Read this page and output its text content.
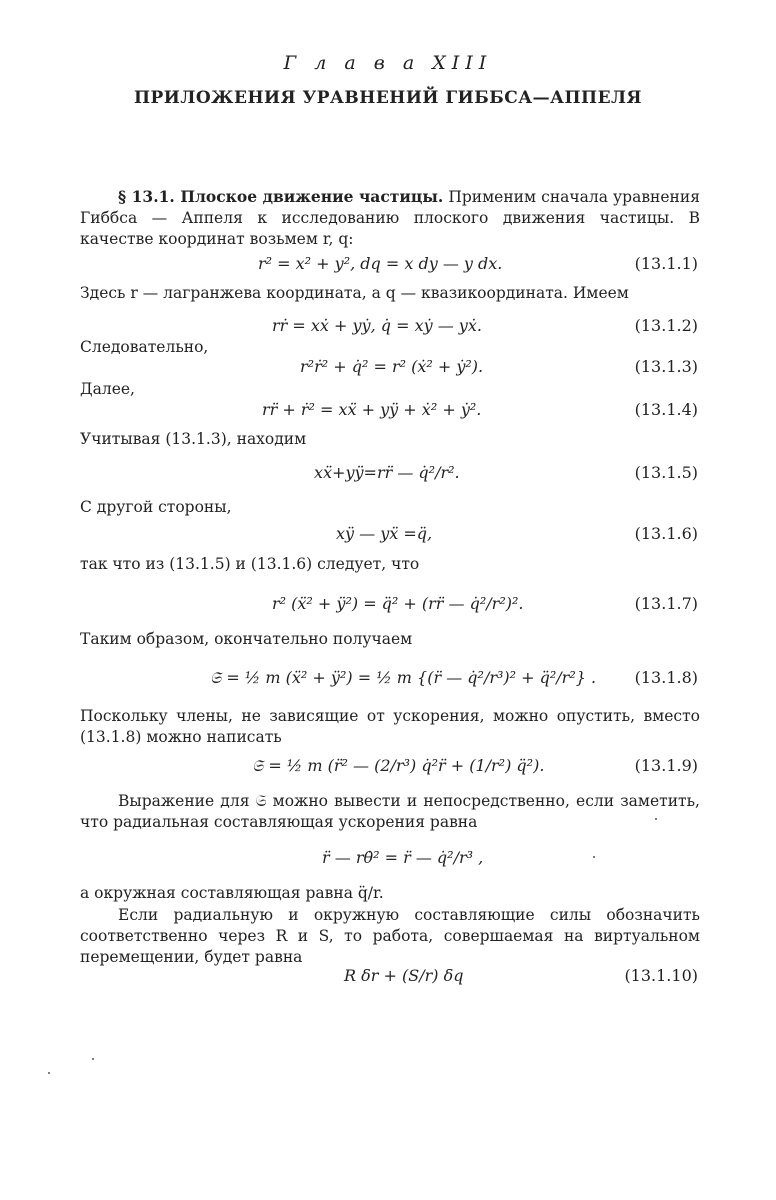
Г л а в а XIII
ПРИЛОЖЕНИЯ УРАВНЕНИЙ ГИББСА—АППЕЛЯ
§ 13.1. Плоское движение частицы. Применим сначала уравнения Гиббса — Аппеля к исследованию плоского движения частицы. В качестве координат возьмем r, q:
r² = x² + y², dq = x dy — y dx.	(13.1.1)
Здесь r — лагранжева координата, а q — квазикоордината. Имеем
rṙ = xẋ + yẏ, q̇ = xẏ — yẋ.	(13.1.2)
Следовательно,
r²ṙ² + q̇² = r² (ẋ² + ẏ²).	(13.1.3)
Далее,
rr̈ + ṙ² = xẍ + yÿ + ẋ² + ẏ².	(13.1.4)
Учитывая (13.1.3), находим
xẍ+yÿ=rr̈ — q̇²/r².	(13.1.5)
С другой стороны,
xÿ — yẍ =q̈,	(13.1.6)
так что из (13.1.5) и (13.1.6) следует, что
r² (ẍ² + ÿ²) = q̈² + (rr̈ — q̇²/r²)².	(13.1.7)
Таким образом, окончательно получаем
𝔖 = ½ m (ẍ² + ÿ²) = ½ m {(r̈ — q̇²/r³)² + q̈²/r²} . (13.1.8)
Поскольку члены, не зависящие от ускорения, можно опустить, вместо (13.1.8) можно написать
𝔖 = ½ m (r̈² — (2/r³) q̇²r̈ + (1/r²) q̈²).	(13.1.9)
Выражение для 𝔖 можно вывести и непосредственно, если заметить, что радиальная составляющая ускорения равна
r̈ — rθ̇² = r̈ — q̇²/r³ ,
а окружная составляющая равна q̈/r.
Если радиальную и окружную составляющие силы обозначить соответственно через R и S, то работа, совершаемая на виртуальном перемещении, будет равна
R δr + (S/r) δq	(13.1.10)
